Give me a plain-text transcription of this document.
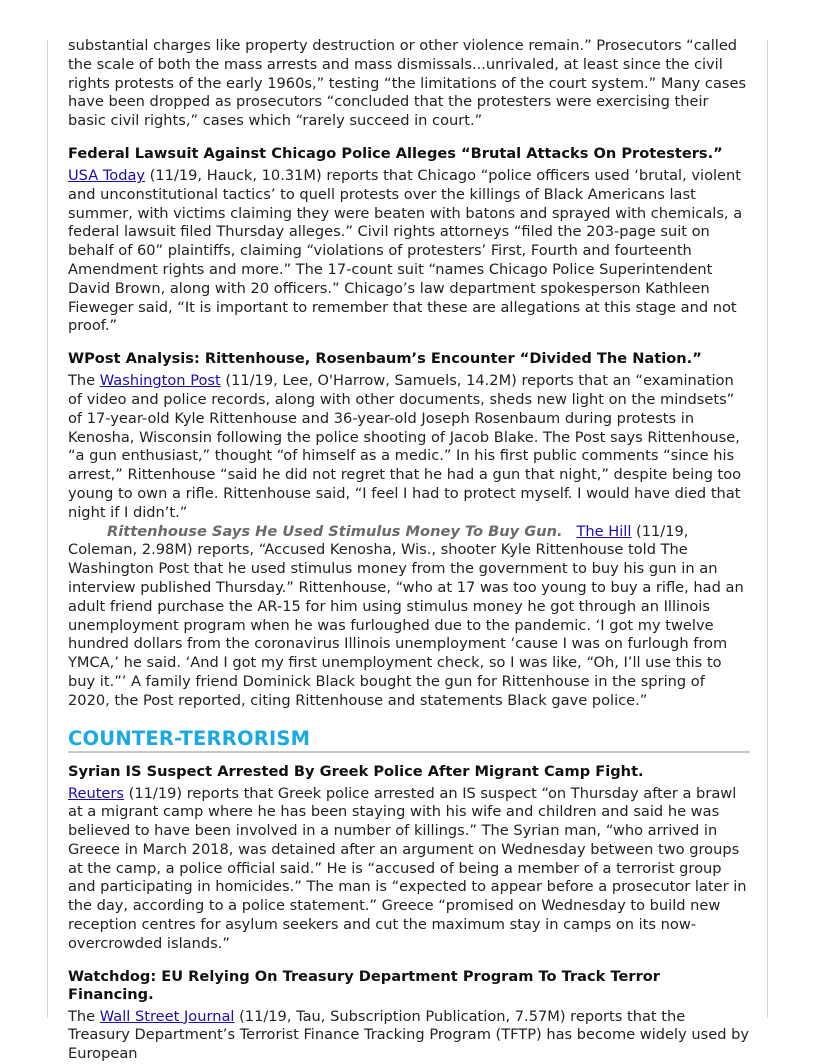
substantial charges like property destruction or other violence remain.” Prosecutors “called the scale of both the mass arrests and mass dismissals...unrivaled, at least since the civil rights protests of the early 1960s,” testing “the limitations of the court system.” Many cases have been dropped as prosecutors “concluded that the protesters were exercising their basic civil rights,” cases which “rarely succeed in court.”

Federal Lawsuit Against Chicago Police Alleges “Brutal Attacks On Protesters.”

USA Today (11/19, Hauck, 10.31M) reports that Chicago “police officers used ‘brutal, violent and unconstitutional tactics’ to quell protests over the killings of Black Americans last summer, with victims claiming they were beaten with batons and sprayed with chemicals, a federal lawsuit filed Thursday alleges.” Civil rights attorneys “filed the 203-page suit on behalf of 60” plaintiffs, claiming “violations of protesters’ First, Fourth and fourteenth Amendment rights and more.” The 17-count suit “names Chicago Police Superintendent David Brown, along with 20 officers.” Chicago’s law department spokesperson Kathleen Fieweger said, “It is important to remember that these are allegations at this stage and not proof.”

WPost Analysis: Rittenhouse, Rosenbaum’s Encounter “Divided The Nation.”

The Washington Post (11/19, Lee, O'Harrow, Samuels, 14.2M) reports that an “examination of video and police records, along with other documents, sheds new light on the mindsets” of 17-year-old Kyle Rittenhouse and 36-year-old Joseph Rosenbaum during protests in Kenosha, Wisconsin following the police shooting of Jacob Blake. The Post says Rittenhouse, “a gun enthusiast,” thought “of himself as a medic.” In his first public comments “since his arrest,” Rittenhouse “said he did not regret that he had a gun that night,” despite being too young to own a rifle. Rittenhouse said, “I feel I had to protect myself. I would have died that night if I didn’t.”

Rittenhouse Says He Used Stimulus Money To Buy Gun. The Hill (11/19, Coleman, 2.98M) reports, “Accused Kenosha, Wis., shooter Kyle Rittenhouse told The Washington Post that he used stimulus money from the government to buy his gun in an interview published Thursday.” Rittenhouse, “who at 17 was too young to buy a rifle, had an adult friend purchase the AR-15 for him using stimulus money he got through an Illinois unemployment program when he was furloughed due to the pandemic. ‘I got my twelve hundred dollars from the coronavirus Illinois unemployment ‘cause I was on furlough from YMCA,’ he said. ‘And I got my first unemployment check, so I was like, “Oh, I’ll use this to buy it.”’ A family friend Dominick Black bought the gun for Rittenhouse in the spring of 2020, the Post reported, citing Rittenhouse and statements Black gave police.”

COUNTER-TERRORISM
Syrian IS Suspect Arrested By Greek Police After Migrant Camp Fight.

Reuters (11/19) reports that Greek police arrested an IS suspect “on Thursday after a brawl at a migrant camp where he has been staying with his wife and children and said he was believed to have been involved in a number of killings.” The Syrian man, “who arrived in Greece in March 2018, was detained after an argument on Wednesday between two groups at the camp, a police official said.” He is “accused of being a member of a terrorist group and participating in homicides.” The man is “expected to appear before a prosecutor later in the day, according to a police statement.” Greece “promised on Wednesday to build new reception centres for asylum seekers and cut the maximum stay in camps on its now-overcrowded islands.”

Watchdog: EU Relying On Treasury Department Program To Track Terror Financing.

The Wall Street Journal (11/19, Tau, Subscription Publication, 7.57M) reports that the Treasury Department’s Terrorist Finance Tracking Program (TFTP) has become widely used by European
